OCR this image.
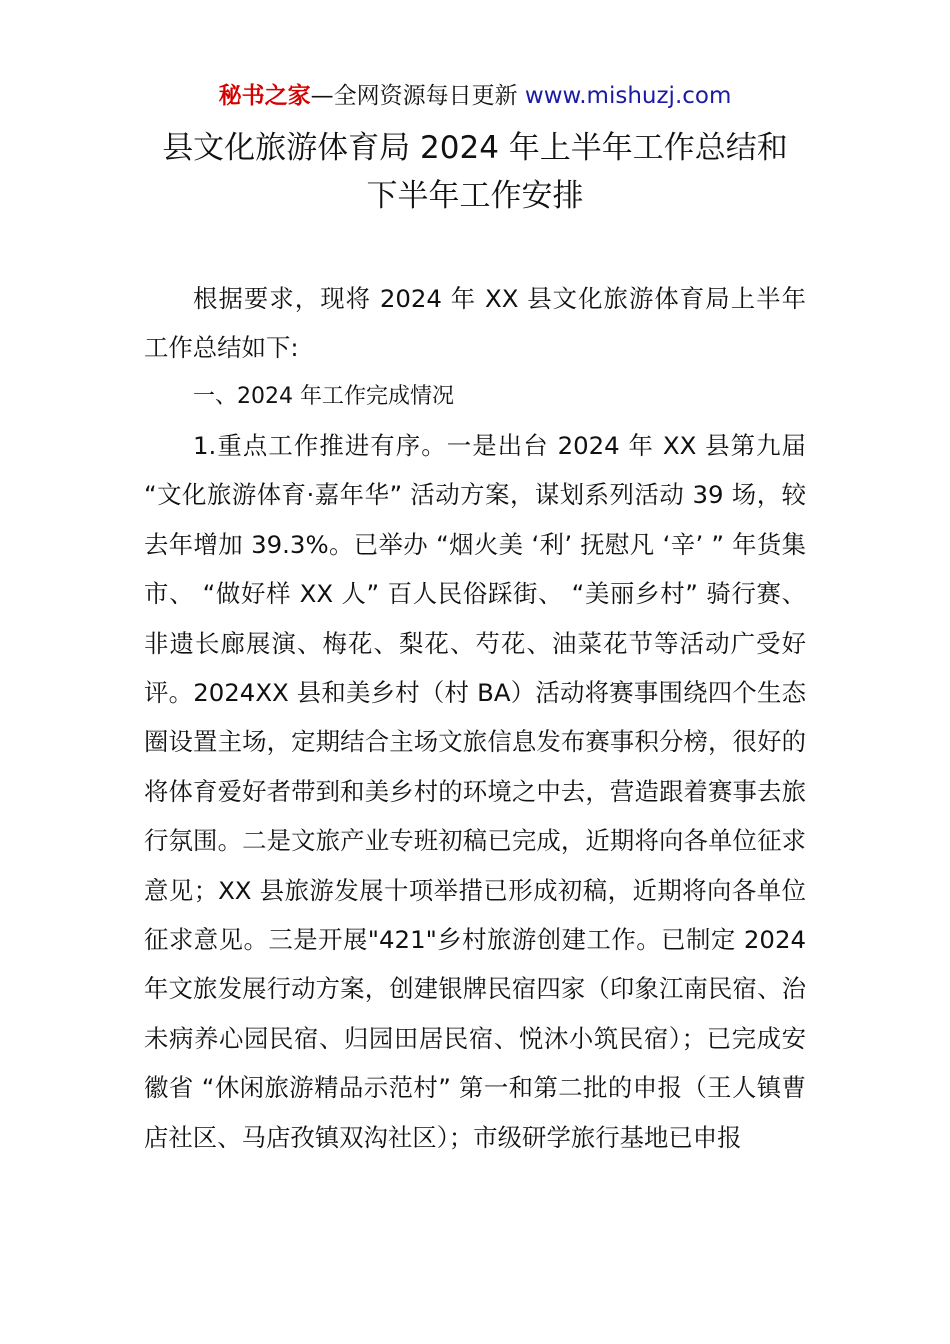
秘书之家—全网资源每日更新 www.mishuzj.com
县文化旅游体育局 2024 年上半年工作总结和
下半年工作安排
根据要求，现将 2024 年 XX 县文化旅游体育局上半年工作总结如下:
一、2024 年工作完成情况
1.重点工作推进有序。一是出台 2024 年 XX 县第九届 “文化旅游体育·嘉年华” 活动方案，谋划系列活动 39 场，较去年增加 39.3%。已举办 “烟火美 ‘利’ 抚慰凡 ‘辛’ ” 年货集市、 “做好样 XX 人” 百人民俗踩街、 “美丽乡村” 骑行赛、非遗长廊展演、梅花、梨花、芍花、油菜花节等活动广受好评。2024XX 县和美乡村（村 BA）活动将赛事围绕四个生态圈设置主场，定期结合主场文旅信息发布赛事积分榜，很好的将体育爱好者带到和美乡村的环境之中去，营造跟着赛事去旅行氛围。二是文旅产业专班初稿已完成，近期将向各单位征求意见；XX 县旅游发展十项举措已形成初稿，近期将向各单位征求意见。三是开展"421"乡村旅游创建工作。已制定 2024 年文旅发展行动方案，创建银牌民宿四家（印象江南民宿、治未病养心园民宿、归园田居民宿、悦沐小筑民宿）；已完成安徽省 “休闲旅游精品示范村” 第一和第二批的申报（王人镇曹店社区、马店孜镇双沟社区）；市级研学旅行基地已申报
